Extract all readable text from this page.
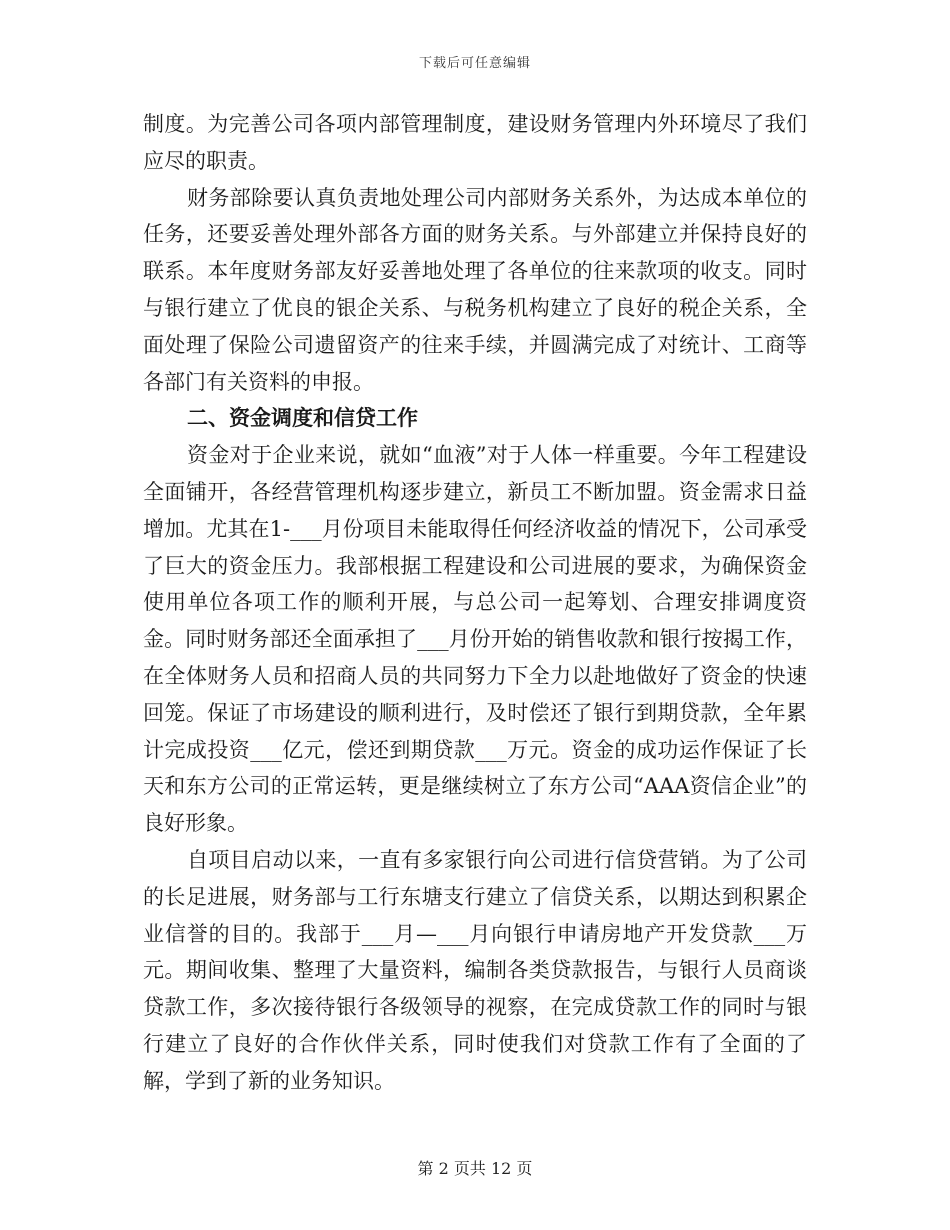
下载后可任意编辑

制度。为完善公司各项内部管理制度，建设财务管理内外环境尽了我们应尽的职责。

财务部除要认真负责地处理公司内部财务关系外，为达成本单位的任务，还要妥善处理外部各方面的财务关系。与外部建立并保持良好的联系。本年度财务部友好妥善地处理了各单位的往来款项的收支。同时与银行建立了优良的银企关系、与税务机构建立了良好的税企关系，全面处理了保险公司遗留资产的往来手续，并圆满完成了对统计、工商等各部门有关资料的申报。

二、资金调度和信贷工作

资金对于企业来说，就如“血液”对于人体一样重要。今年工程建设全面铺开，各经营管理机构逐步建立，新员工不断加盟。资金需求日益增加。尤其在1-___月份项目未能取得任何经济收益的情况下，公司承受了巨大的资金压力。我部根据工程建设和公司进展的要求，为确保资金使用单位各项工作的顺利开展，与总公司一起筹划、合理安排调度资金。同时财务部还全面承担了___月份开始的销售收款和银行按揭工作，在全体财务人员和招商人员的共同努力下全力以赴地做好了资金的快速回笼。保证了市场建设的顺利进行，及时偿还了银行到期贷款，全年累计完成投资___亿元，偿还到期贷款___万元。资金的成功运作保证了长天和东方公司的正常运转，更是继续树立了东方公司“AAA资信企业”的良好形象。

自项目启动以来，一直有多家银行向公司进行信贷营销。为了公司的长足进展，财务部与工行东塘支行建立了信贷关系，以期达到积累企业信誉的目的。我部于___月—___月向银行申请房地产开发贷款___万元。期间收集、整理了大量资料，编制各类贷款报告，与银行人员商谈贷款工作，多次接待银行各级领导的视察，在完成贷款工作的同时与银行建立了良好的合作伙伴关系，同时使我们对贷款工作有了全面的了解，学到了新的业务知识。

第 2 页共 12 页
